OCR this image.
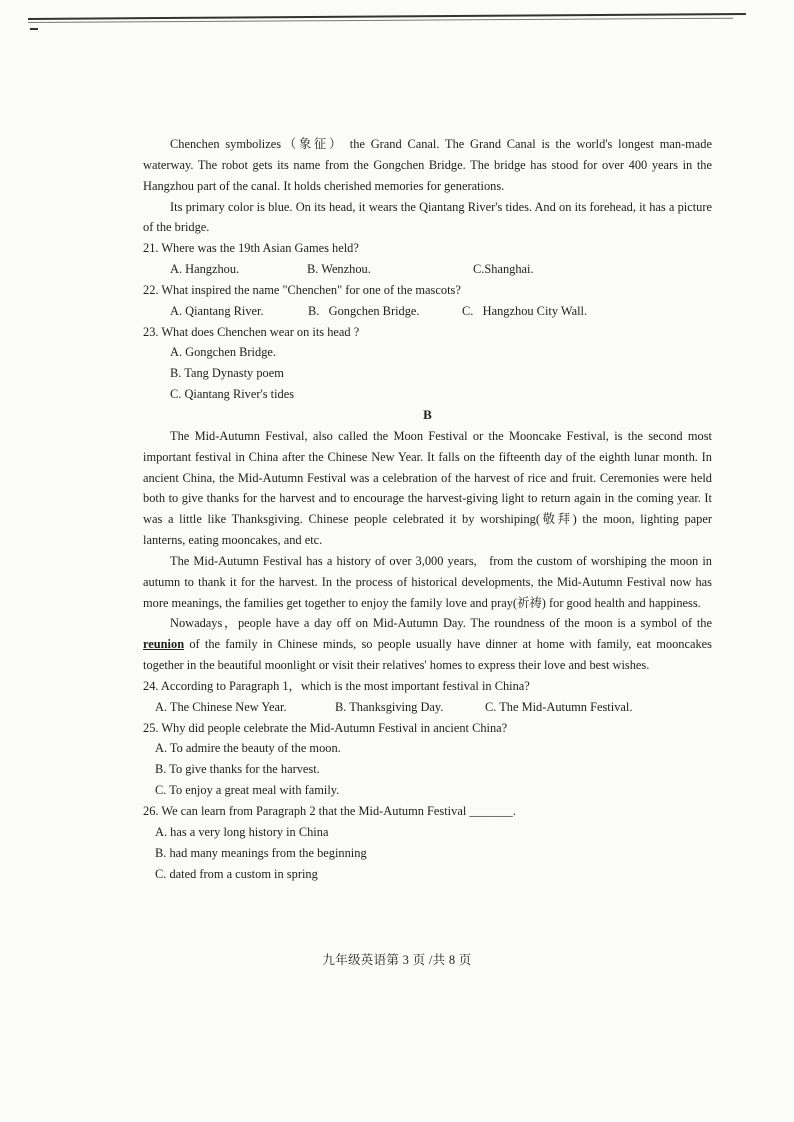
Chenchen symbolizes（象征） the Grand Canal. The Grand Canal is the world's longest man-made waterway. The robot gets its name from the Gongchen Bridge. The bridge has stood for over 400 years in the Hangzhou part of the canal. It holds cherished memories for generations.

Its primary color is blue. On its head, it wears the Qiantang River's tides. And on its forehead, it has a picture of the bridge.

21. Where was the 19th Asian Games held?

A. Hangzhou.	B. Wenzhou.	C.Shanghai.

22. What inspired the name "Chenchen" for one of the mascots?

A. Qiantang River.	B.   Gongchen Bridge.	C.   Hangzhou City Wall.

23. What does Chenchen wear on its head ?

A. Gongchen Bridge.

B. Tang Dynasty poem

C. Qiantang River's tides

B

The Mid-Autumn Festival, also called the Moon Festival or the Mooncake Festival, is the second most important festival in China after the Chinese New Year. It falls on the fifteenth day of the eighth lunar month. In ancient China, the Mid-Autumn Festival was a celebration of the harvest of rice and fruit. Ceremonies were held both to give thanks for the harvest and to encourage the harvest-giving light to return again in the coming year. It was a little like Thanksgiving. Chinese people celebrated it by worshiping(敬拜) the moon, lighting paper lanterns, eating mooncakes, and etc.

The Mid-Autumn Festival has a history of over 3,000 years,   from the custom of worshiping the moon in autumn to thank it for the harvest. In the process of historical developments, the Mid-Autumn Festival now has more meanings, the families get together to enjoy the family love and pray(祈祷) for good health and happiness.

Nowadays，people have a day off on Mid-Autumn Day. The roundness of the moon is a symbol of the reunion of the family in Chinese minds, so people usually have dinner at home with family, eat mooncakes together in the beautiful moonlight or visit their relatives' homes to express their love and best wishes.

24. According to Paragraph 1，which is the most important festival in China?

A. The Chinese New Year.	B. Thanksgiving Day.	C. The Mid-Autumn Festival.

25. Why did people celebrate the Mid-Autumn Festival in ancient China?

A. To admire the beauty of the moon.

B. To give thanks for the harvest.

C. To enjoy a great meal with family.

26. We can learn from Paragraph 2 that the Mid-Autumn Festival _______.

A. has a very long history in China

B. had many meanings from the beginning

C. dated from a custom in spring

九年级英语第 3 页 /共 8 页
